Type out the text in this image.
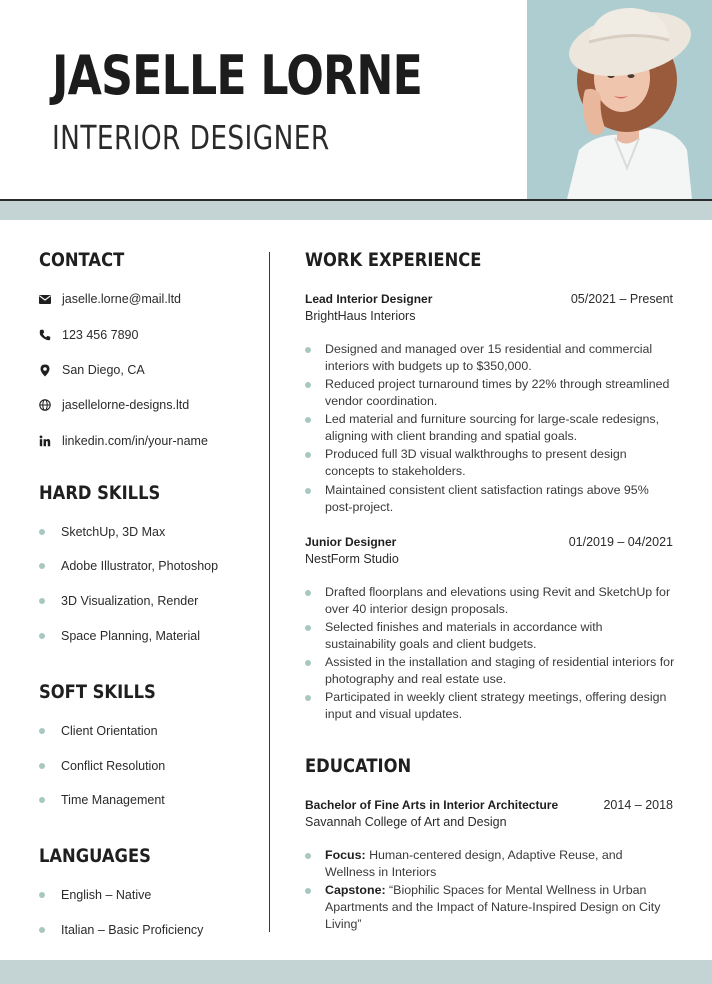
JASELLE LORNE
INTERIOR DESIGNER
CONTACT
jaselle.lorne@mail.ltd
123 456 7890
San Diego, CA
jasellelorne-designs.ltd
linkedin.com/in/your-name
HARD SKILLS
SketchUp, 3D Max
Adobe Illustrator, Photoshop
3D Visualization, Render
Space Planning, Material
SOFT SKILLS
Client Orientation
Conflict Resolution
Time Management
LANGUAGES
English – Native
Italian – Basic Proficiency
WORK EXPERIENCE
Lead Interior Designer	05/2021 – Present
BrightHaus Interiors
Designed and managed over 15 residential and commercial interiors with budgets up to $350,000.
Reduced project turnaround times by 22% through streamlined vendor coordination.
Led material and furniture sourcing for large-scale redesigns, aligning with client branding and spatial goals.
Produced full 3D visual walkthroughs to present design concepts to stakeholders.
Maintained consistent client satisfaction ratings above 95% post-project.
Junior Designer	01/2019 – 04/2021
NestForm Studio
Drafted floorplans and elevations using Revit and SketchUp for over 40 interior design proposals.
Selected finishes and materials in accordance with sustainability goals and client budgets.
Assisted in the installation and staging of residential interiors for photography and real estate use.
Participated in weekly client strategy meetings, offering design input and visual updates.
EDUCATION
Bachelor of Fine Arts in Interior Architecture	2014 – 2018
Savannah College of Art and Design
Focus: Human-centered design, Adaptive Reuse, and Wellness in Interiors
Capstone: “Biophilic Spaces for Mental Wellness in Urban Apartments and the Impact of Nature-Inspired Design on City Living”
